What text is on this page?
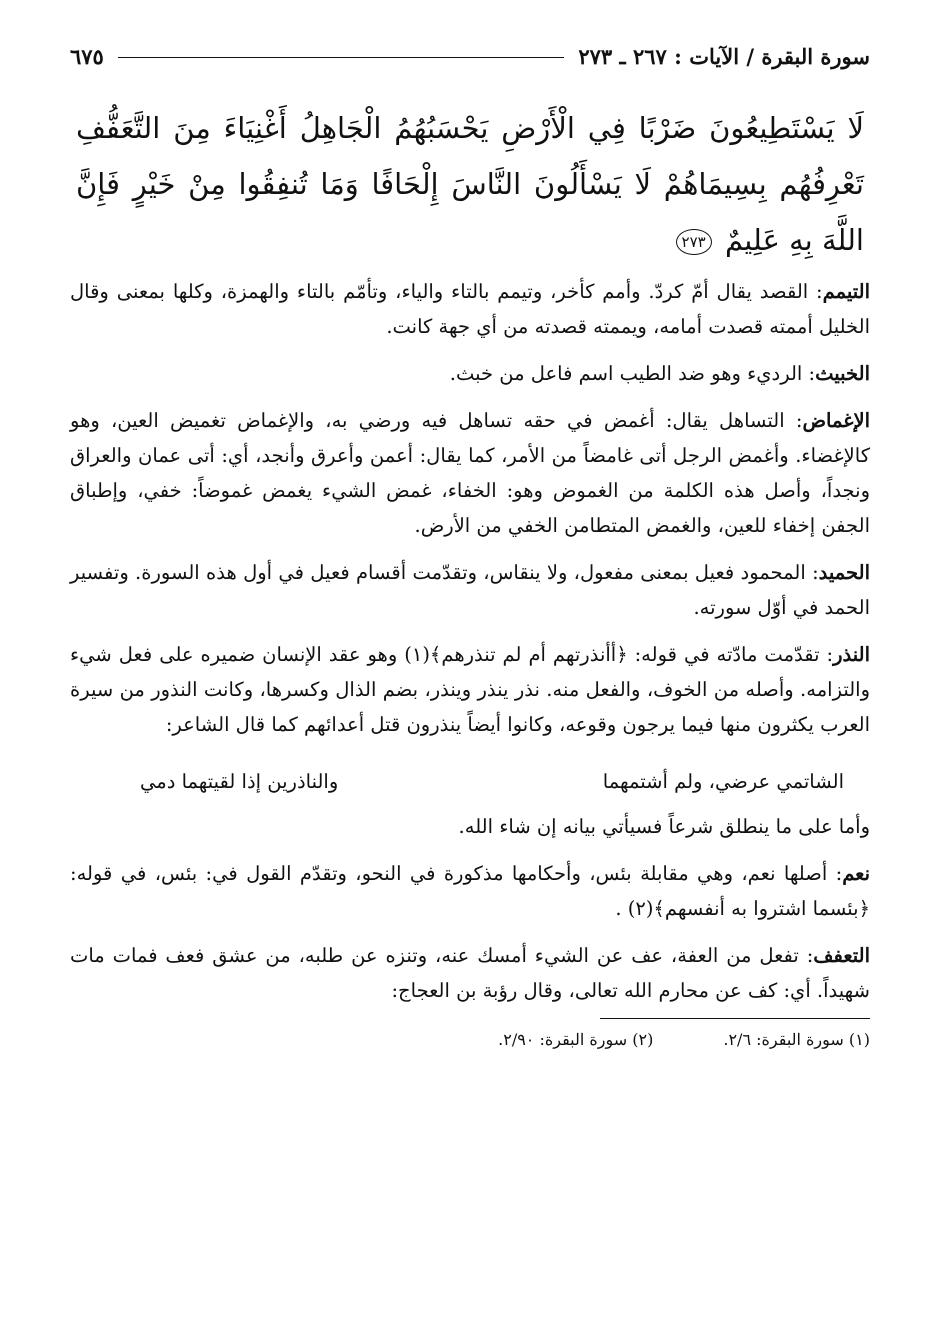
سورة البقرة / الآيات : ٢٦٧ ـ ٢٧٣
٦٧٥
لَا يَسْتَطِيعُونَ ضَرْبًا فِي الْأَرْضِ يَحْسَبُهُمُ الْجَاهِلُ أَغْنِيَاءَ مِنَ التَّعَفُّفِ تَعْرِفُهُم بِسِيمَاهُمْ لَا يَسْأَلُونَ النَّاسَ إِلْحَافًا وَمَا تُنفِقُوا مِنْ خَيْرٍ فَإِنَّ اللَّهَ بِهِ عَلِيمٌ ٢٧٣

التيمم: القصد يقال أمّ كردّ. وأمم كأخر، وتيمم بالتاء والياء، وتأمّم بالتاء والهمزة، وكلها بمعنى وقال الخليل أممته قصدت أمامه، ويممته قصدته من أي جهة كانت.

الخبيث: الرديء وهو ضد الطيب اسم فاعل من خبث.

الإغماض: التساهل يقال: أغمض في حقه تساهل فيه ورضي به، والإغماض تغميض العين، وهو كالإغضاء. وأغمض الرجل أتى غامضاً من الأمر، كما يقال: أعمن وأعرق وأنجد، أي: أتى عمان والعراق ونجداً، وأصل هذه الكلمة من الغموض وهو: الخفاء، غمض الشيء يغمض غموضاً: خفي، وإطباق الجفن إخفاء للعين، والغمض المتطامن الخفي من الأرض.

الحميد: المحمود فعيل بمعنى مفعول، ولا ينقاس، وتقدّمت أقسام فعيل في أول هذه السورة. وتفسير الحمد في أوّل سورته.

النذر: تقدّمت مادّته في قوله: ﴿أأنذرتهم أم لم تنذرهم﴾(١) وهو عقد الإنسان ضميره على فعل شيء والتزامه. وأصله من الخوف، والفعل منه. نذر ينذر وينذر، بضم الذال وكسرها، وكانت النذور من سيرة العرب يكثرون منها فيما يرجون وقوعه، وكانوا أيضاً ينذرون قتل أعدائهم كما قال الشاعر:

الشاتمي عرضي، ولم أشتمهما
والناذرين إذا لقيتهما دمي

وأما على ما ينطلق شرعاً فسيأتي بيانه إن شاء الله.

نعم: أصلها نعم، وهي مقابلة بئس، وأحكامها مذكورة في النحو، وتقدّم القول في: بئس، في قوله: ﴿بئسما اشتروا به أنفسهم﴾(٢) .

التعفف: تفعل من العفة، عف عن الشيء أمسك عنه، وتنزه عن طلبه، من عشق فعف فمات مات شهيداً. أي: كف عن محارم الله تعالى، وقال رؤبة بن العجاج:

(١) سورة البقرة: ٢/٦.
(٢) سورة البقرة: ٢/٩٠.
